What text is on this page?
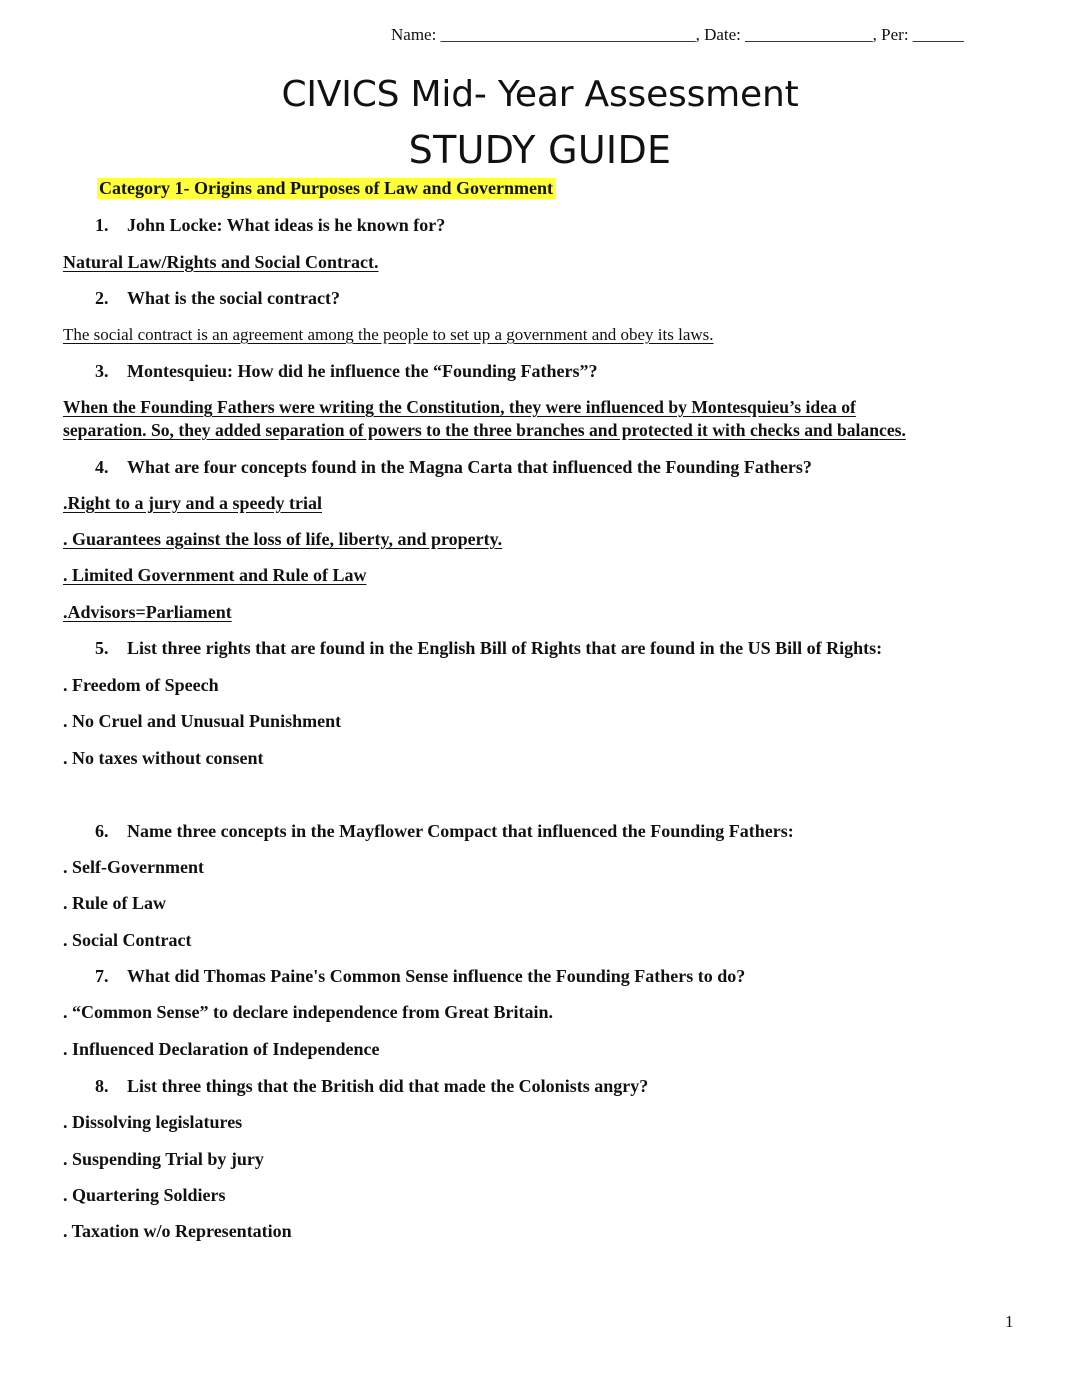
Name: ______________________________, Date: _______________, Per: ______
CIVICS Mid- Year Assessment
STUDY GUIDE
Category 1- Origins and Purposes of Law and Government
1. John Locke: What ideas is he known for?
Natural Law/Rights and Social Contract.
2. What is the social contract?
The social contract is an agreement among the people to set up a government and obey its laws.
3. Montesquieu: How did he influence the “Founding Fathers”?
When the Founding Fathers were writing the Constitution, they were influenced by Montesquieu’s idea of
separation. So, they added separation of powers to the three branches and protected it with checks and balances.
4. What are four concepts found in the Magna Carta that influenced the Founding Fathers?
.Right to a jury and a speedy trial
. Guarantees against the loss of life, liberty, and property.
. Limited Government and Rule of Law
.Advisors=Parliament
5. List three rights that are found in the English Bill of Rights that are found in the US Bill of Rights:
. Freedom of Speech
. No Cruel and Unusual Punishment
. No taxes without consent
6. Name three concepts in the Mayflower Compact that influenced the Founding Fathers:
. Self-Government
. Rule of Law
. Social Contract
7. What did Thomas Paine's Common Sense influence the Founding Fathers to do?
. “Common Sense” to declare independence from Great Britain.
. Influenced Declaration of Independence
8. List three things that the British did that made the Colonists angry?
. Dissolving legislatures
. Suspending Trial by jury
. Quartering Soldiers
. Taxation w/o Representation
1
